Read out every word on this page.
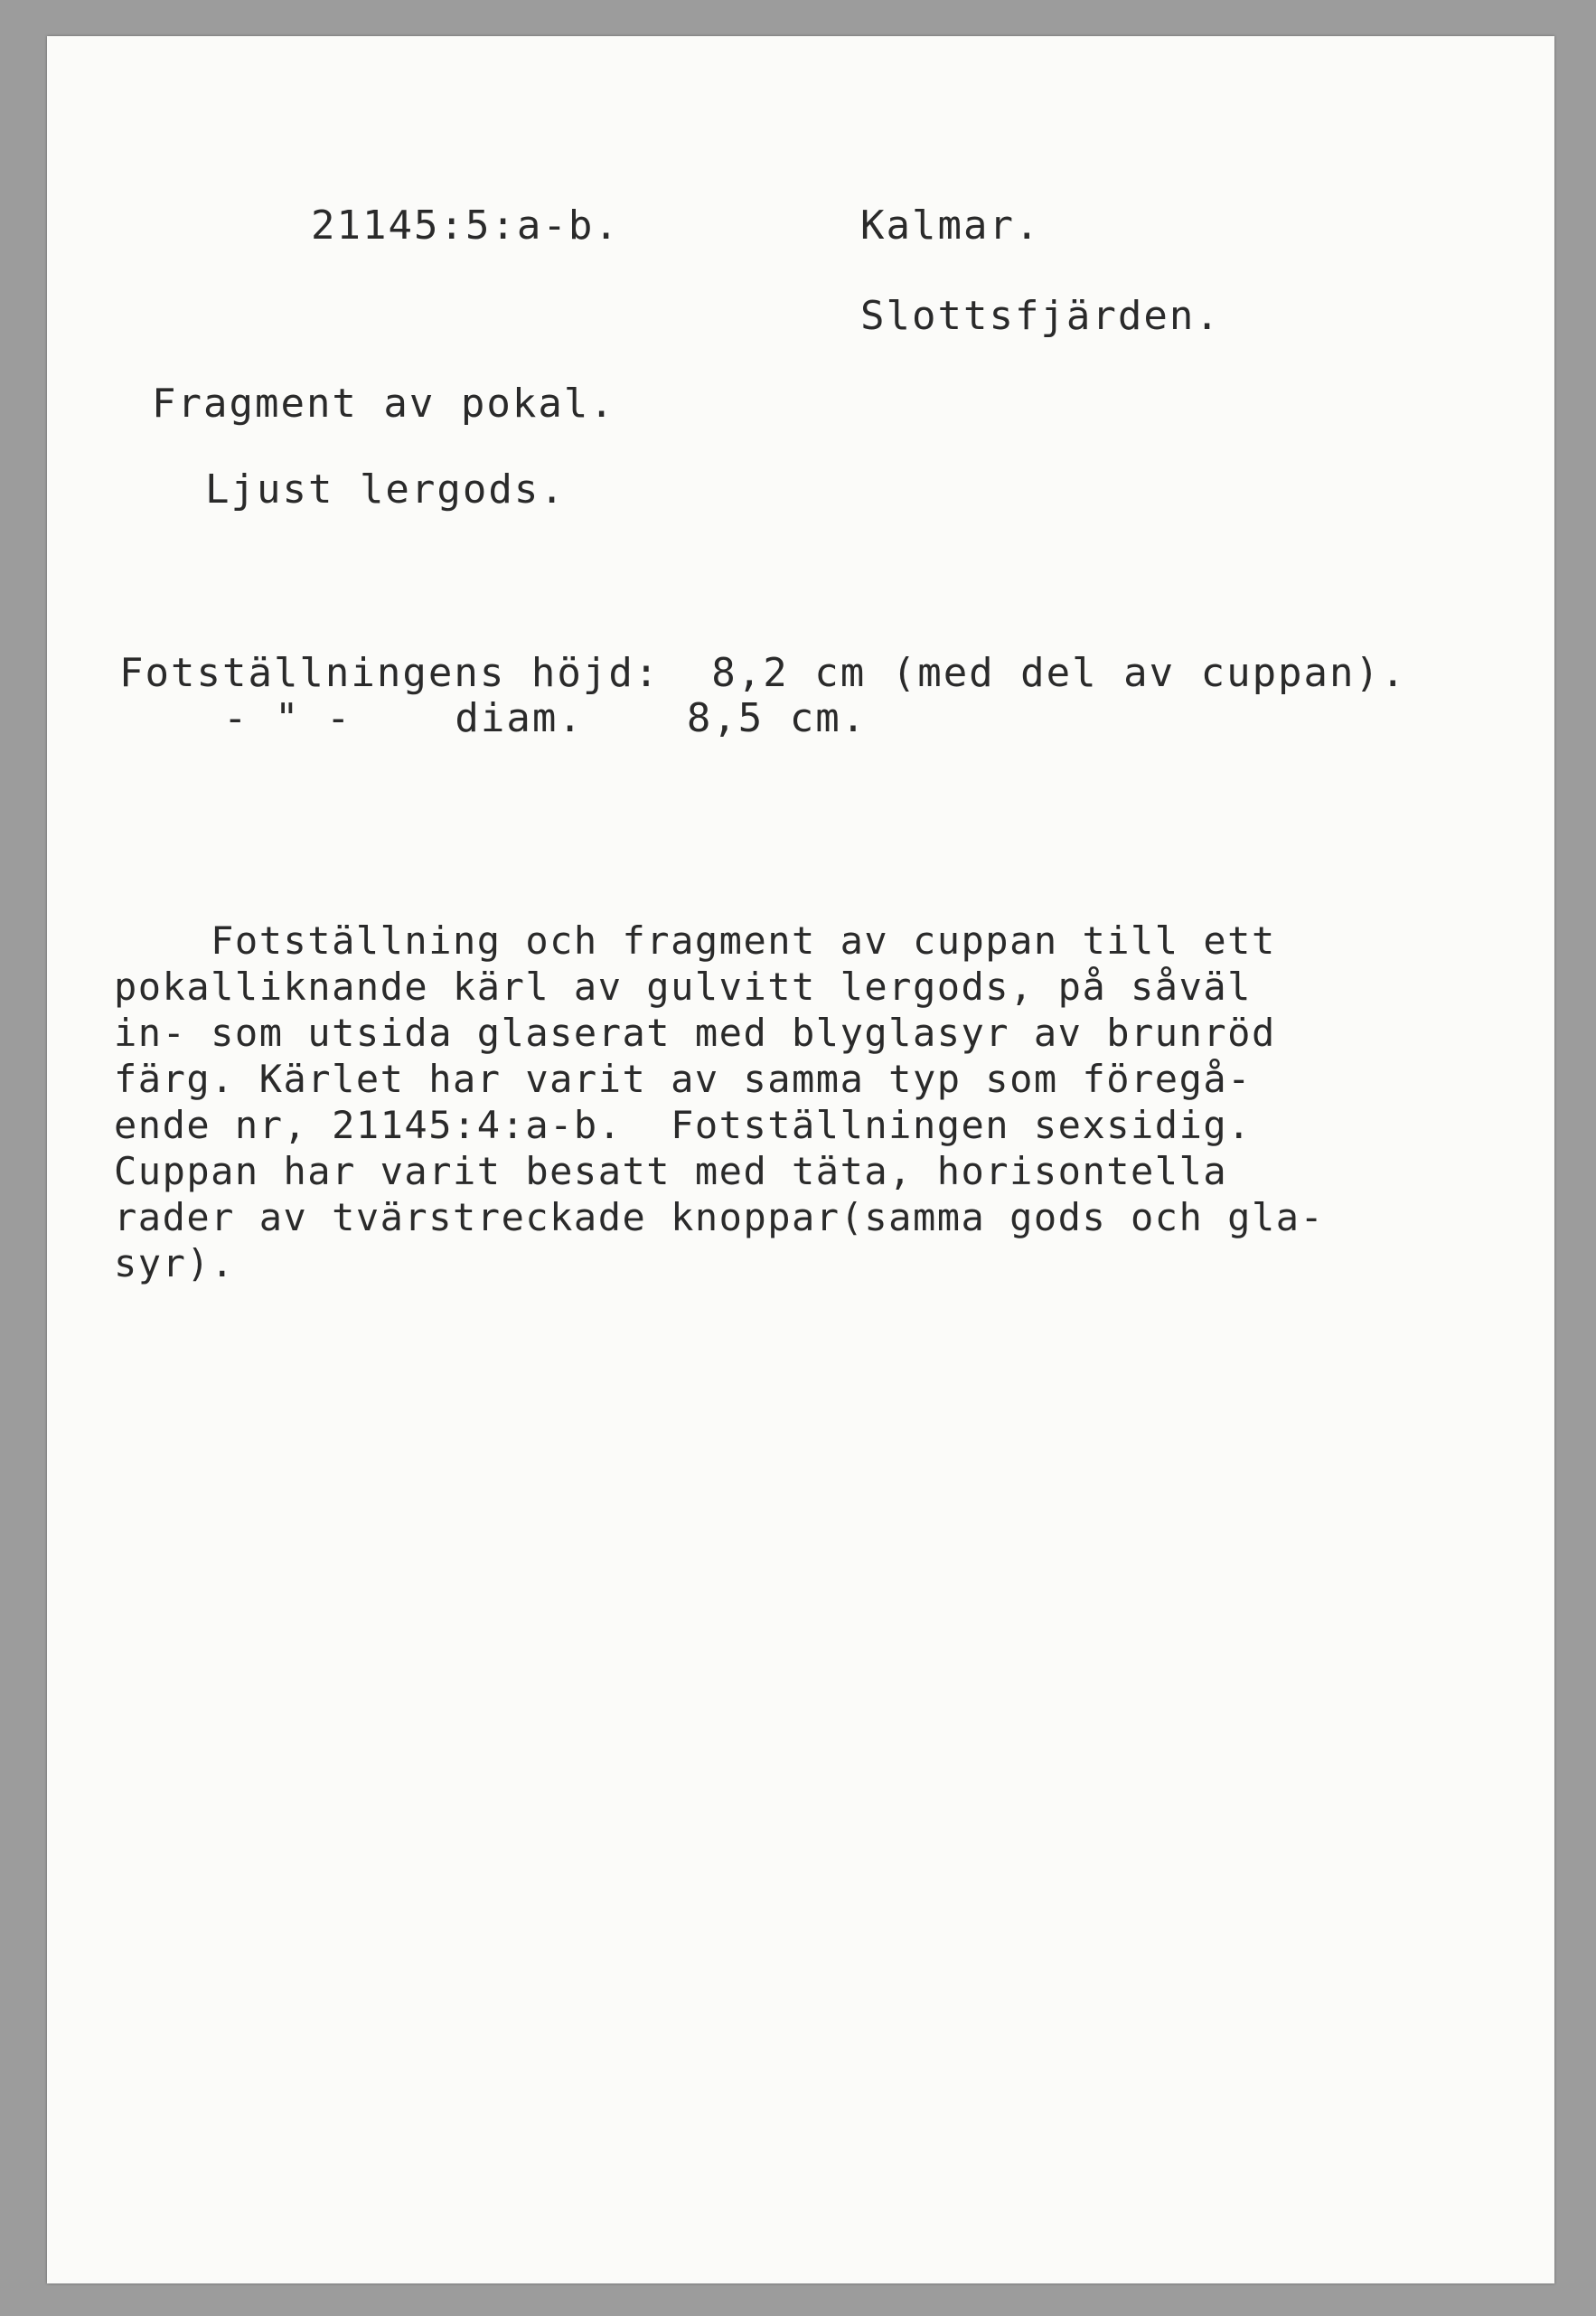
21145:5:a-b.	Kalmar.
Slottsfjärden.
Fragment av pokal.
Ljust lergods.
Fotställningens höjd:  8,2 cm (med del av cuppan).
- " -    diam.    8,5 cm.
Fotställning och fragment av cuppan till ett
pokalliknande kärl av gulvitt lergods, på såväl
in- som utsida glaserat med blyglasyr av brunröd
färg. Kärlet har varit av samma typ som föregå-
ende nr, 21145:4:a-b.  Fotställningen sexsidig.
Cuppan har varit besatt med täta, horisontella
rader av tvärstreckade knoppar(samma gods och gla-
syr).
